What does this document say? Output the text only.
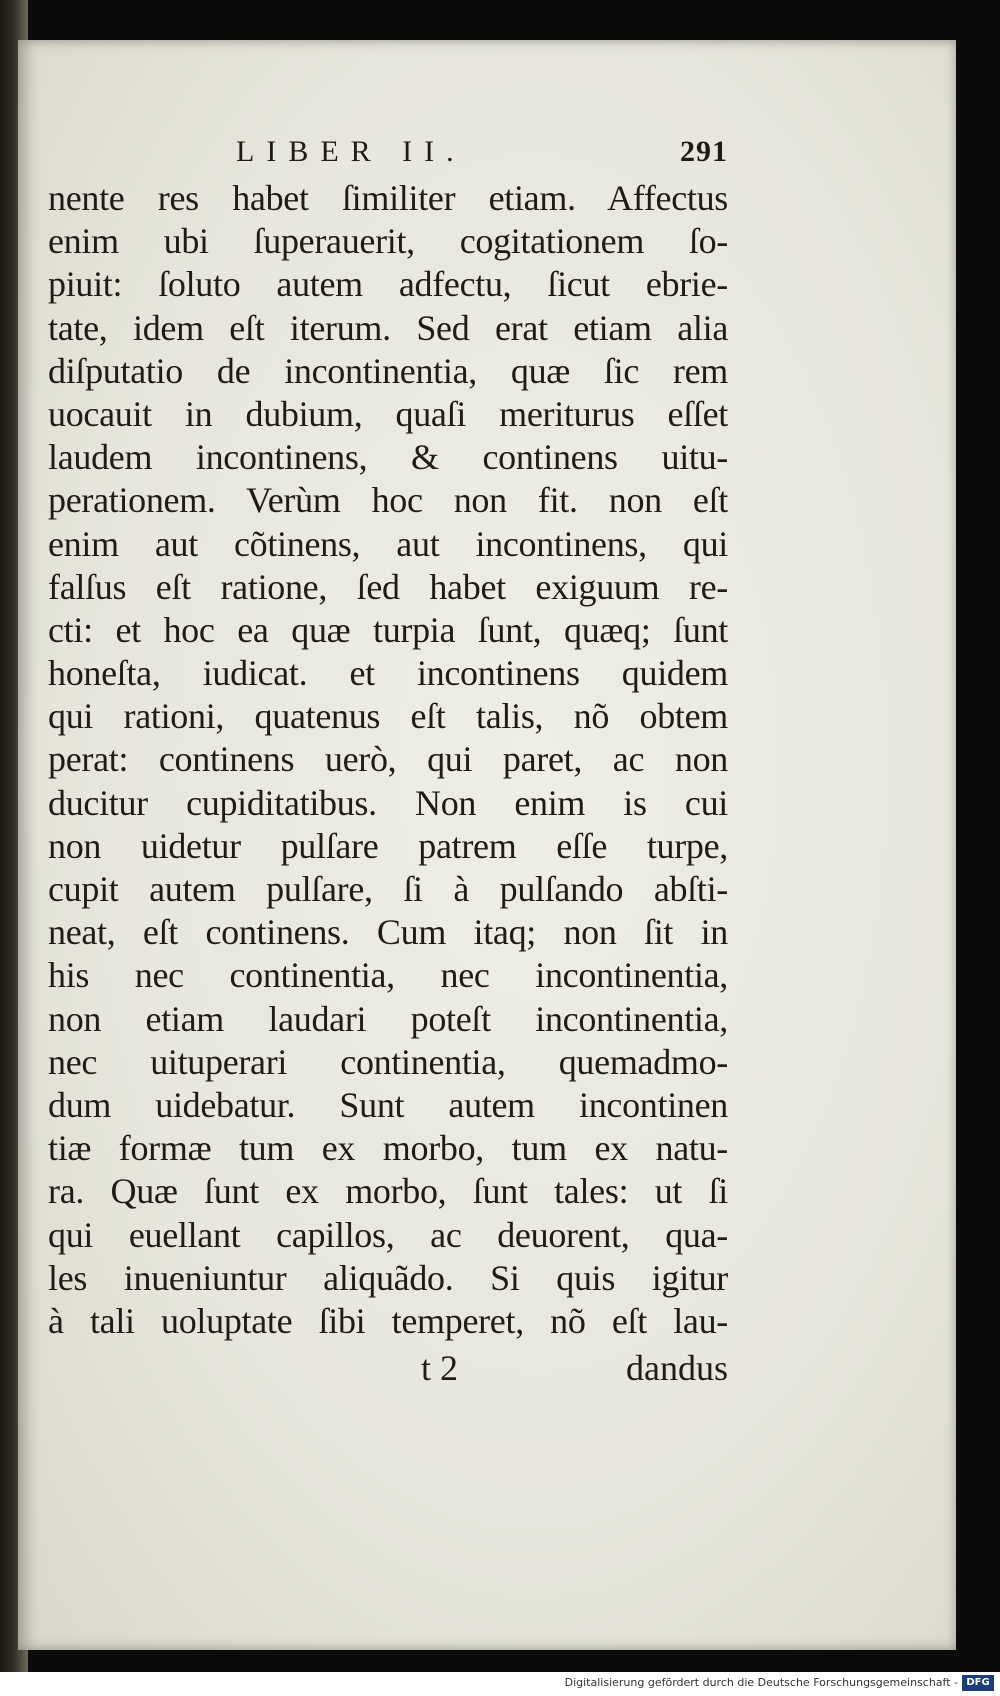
LIBER II.	291
nente res habet ſimiliter etiam. Affectus
enim ubi ſuperauerit, cogitationem ſo-
piuit: ſoluto autem adfectu, ſicut ebrie-
tate, idem eſt iterum. Sed erat etiam alia
diſputatio de incontinentia, quæ ſic rem
uocauit in dubium, quaſi meriturus eſſet
laudem incontinens, & continens uitu-
perationem. Verùm hoc non fit. non eſt
enim aut cõtinens, aut incontinens, qui
falſus eſt ratione, ſed habet exiguum re-
cti: et hoc ea quæ turpia ſunt, quæq; ſunt
honeſta, iudicat. et incontinens quidem
qui rationi, quatenus eſt talis, nõ obtem
perat: continens uerò, qui paret, ac non
ducitur cupiditatibus. Non enim is cui
non uidetur pulſare patrem eſſe turpe,
cupit autem pulſare, ſi à pulſando abſti-
neat, eſt continens. Cum itaq; non ſit in
his nec continentia, nec incontinentia,
non etiam laudari poteſt incontinentia,
nec uituperari continentia, quemadmo-
dum uidebatur. Sunt autem incontinen
tiæ formæ tum ex morbo, tum ex natu-
ra. Quæ ſunt ex morbo, ſunt tales: ut ſi
qui euellant capillos, ac deuorent, qua-
les inueniuntur aliquãdo. Si quis igitur
à tali uoluptate ſibi temperet, nõ eſt lau-
t 2	dandus
Digitalisierung gefördert durch die Deutsche Forschungsgemeinschaft - DFG
